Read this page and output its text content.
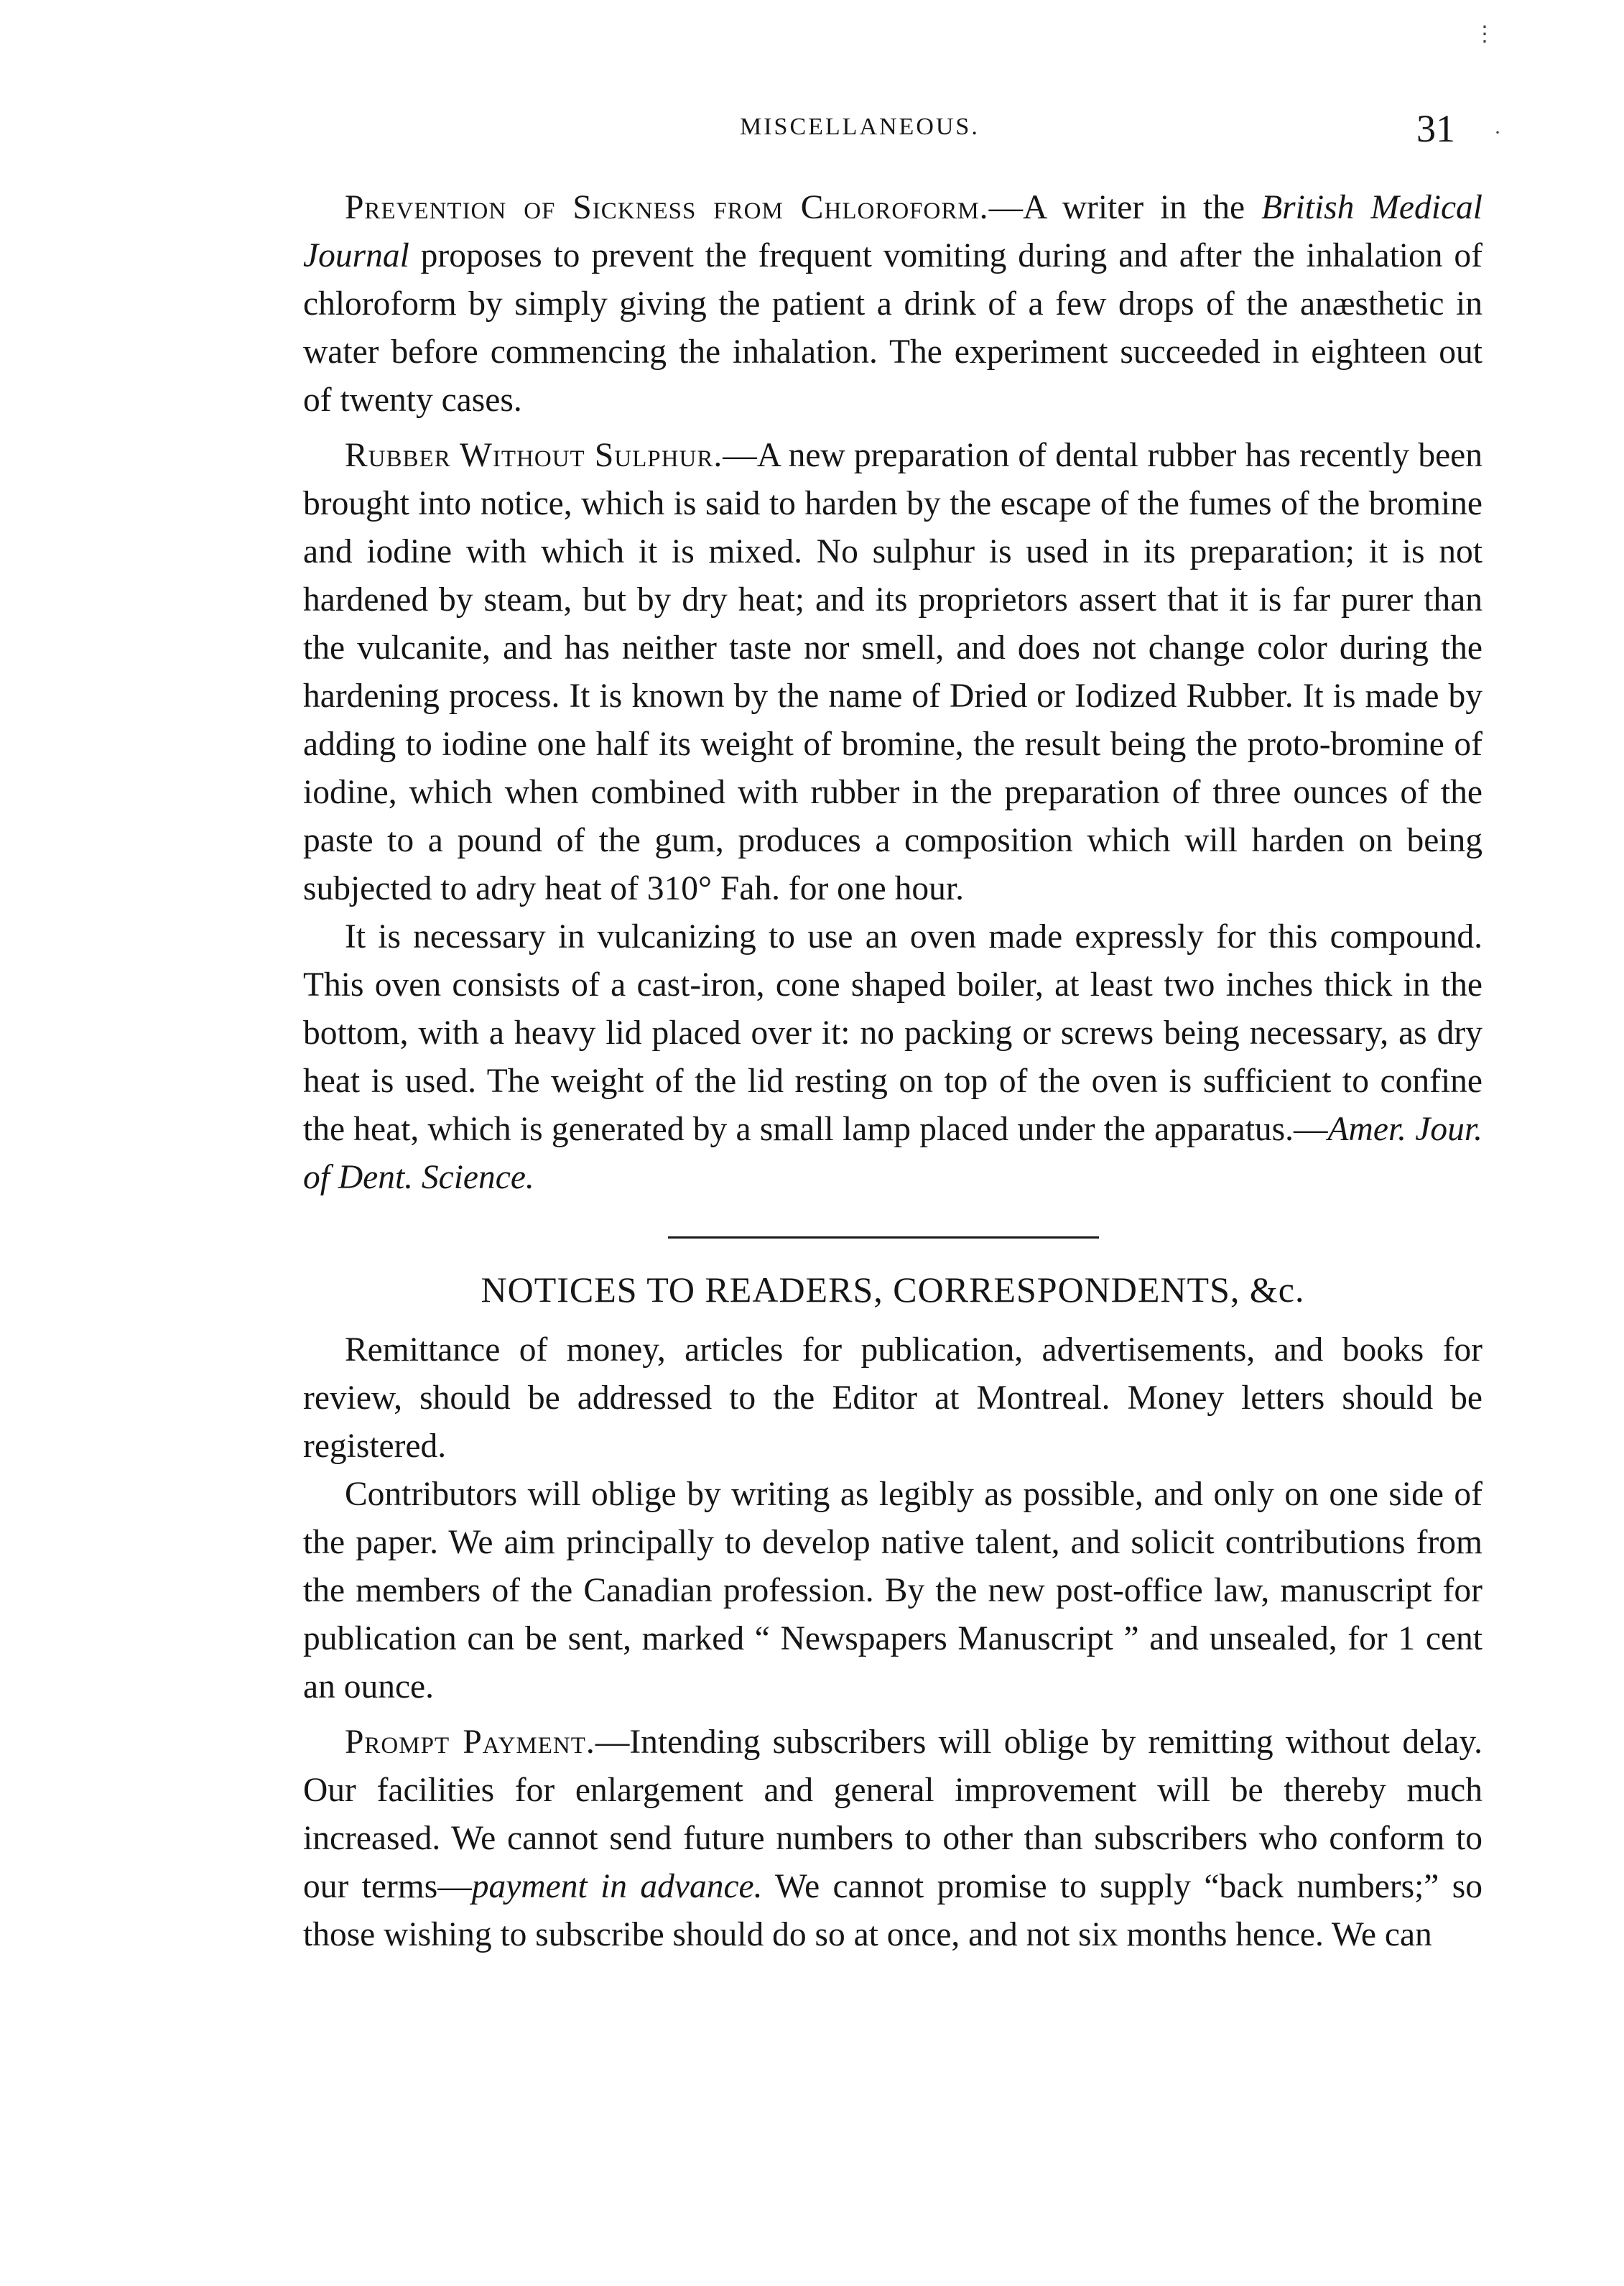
⋮
·
MISCELLANEOUS.	31

Prevention of Sickness from Chloroform.—A writer in the British Medical Journal proposes to prevent the frequent vomiting during and after the inhalation of chloroform by simply giving the patient a drink of a few drops of the anæsthetic in water before commencing the inhalation. The experiment succeeded in eighteen out of twenty cases.

Rubber Without Sulphur.—A new preparation of dental rubber has recently been brought into notice, which is said to harden by the escape of the fumes of the bromine and iodine with which it is mixed. No sulphur is used in its preparation; it is not hardened by steam, but by dry heat; and its proprietors assert that it is far purer than the vulcanite, and has neither taste nor smell, and does not change color during the hardening process. It is known by the name of Dried or Iodized Rubber. It is made by adding to iodine one half its weight of bromine, the result being the proto-bromine of iodine, which when combined with rubber in the preparation of three ounces of the paste to a pound of the gum, produces a composition which will harden on being subjected to adry heat of 310° Fah. for one hour.

It is necessary in vulcanizing to use an oven made expressly for this compound. This oven consists of a cast-iron, cone shaped boiler, at least two inches thick in the bottom, with a heavy lid placed over it: no packing or screws being necessary, as dry heat is used. The weight of the lid resting on top of the oven is sufficient to confine the heat, which is generated by a small lamp placed under the apparatus.—Amer. Jour. of Dent. Science.

NOTICES TO READERS, CORRESPONDENTS, &c.

Remittance of money, articles for publication, advertisements, and books for review, should be addressed to the Editor at Montreal. Money letters should be registered.

Contributors will oblige by writing as legibly as possible, and only on one side of the paper. We aim principally to develop native talent, and solicit contributions from the members of the Canadian profession. By the new post-office law, manuscript for publication can be sent, marked “ Newspapers Manuscript ” and unsealed, for 1 cent an ounce.

Prompt Payment.—Intending subscribers will oblige by remitting without delay. Our facilities for enlargement and general improvement will be thereby much increased. We cannot send future numbers to other than subscribers who conform to our terms—payment in advance. We cannot promise to supply “back numbers;” so those wishing to subscribe should do so at once, and not six months hence. We can
